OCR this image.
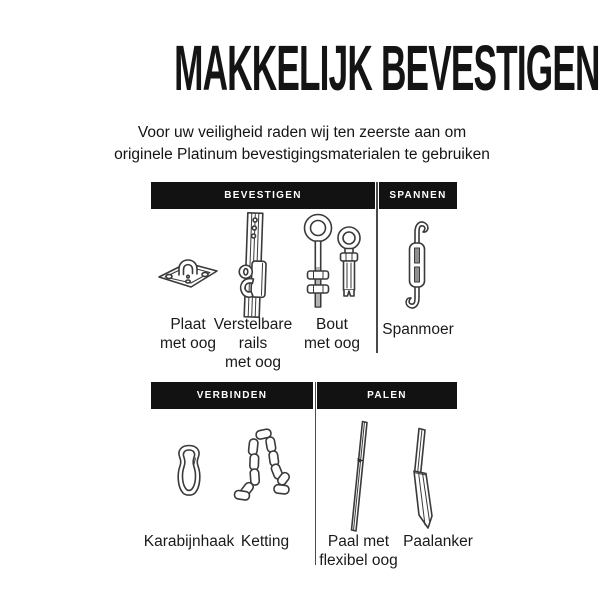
MAKKELIJK BEVESTIGEN
Voor uw veiligheid raden wij ten zeerste aan om
originele Platinum bevestigingsmaterialen te gebruiken
BEVESTIGEN	SPANNEN
VERBINDEN	PALEN
Plaat
met oog
Verstelbare
rails
met oog
Bout
met oog
Spanmoer
Karabijnhaak Ketting	Paal met
flexibel oog
Paalanker
